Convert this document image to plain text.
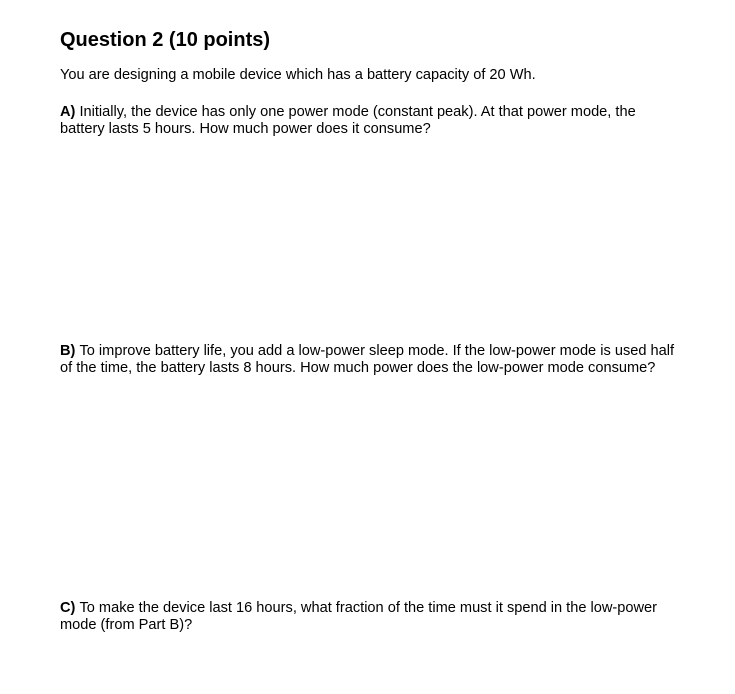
Question 2 (10 points)
You are designing a mobile device which has a battery capacity of 20 Wh.
A) Initially, the device has only one power mode (constant peak). At that power mode, the battery lasts 5 hours. How much power does it consume?
B) To improve battery life, you add a low-power sleep mode. If the low-power mode is used half of the time, the battery lasts 8 hours. How much power does the low-power mode consume?
C) To make the device last 16 hours, what fraction of the time must it spend in the low-power mode (from Part B)?
